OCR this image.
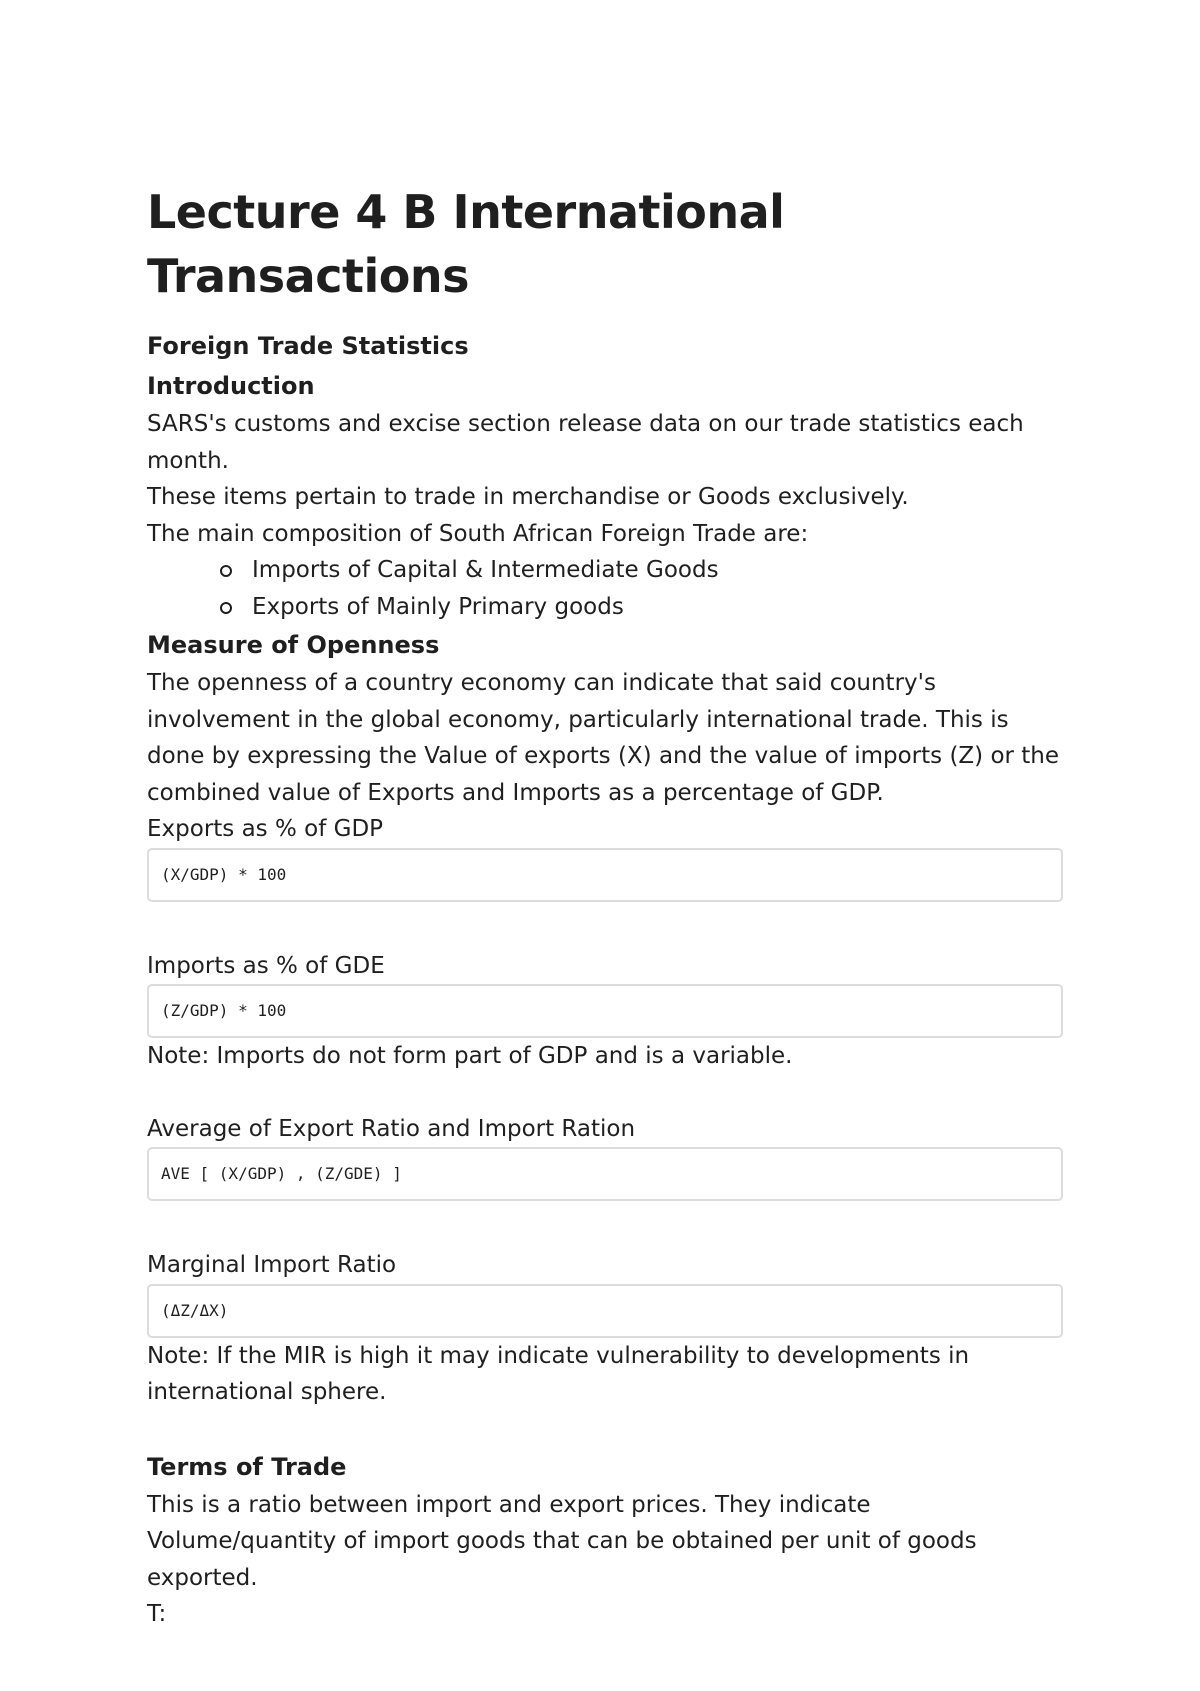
Lecture 4 B International Transactions
Foreign Trade Statistics
Introduction

SARS's customs and excise section release data on our trade statistics each month.

These items pertain to trade in merchandise or Goods exclusively.

The main composition of South African Foreign Trade are:

Imports of Capital & Intermediate Goods
Exports of Mainly Primary goods
Measure of Openness

The openness of a country economy can indicate that said country's involvement in the global economy, particularly international trade. This is done by expressing the Value of exports (X) and the value of imports (Z) or the combined value of Exports and Imports as a percentage of GDP.

Exports as % of GDP

(X/GDP) * 100

Imports as % of GDE

(Z/GDP) * 100

Note: Imports do not form part of GDP and is a variable.

Average of Export Ratio and Import Ration

AVE [ (X/GDP) , (Z/GDE) ]

Marginal Import Ratio

(ΔZ/ΔX)

Note: If the MIR is high it may indicate vulnerability to developments in international sphere.

Terms of Trade

This is a ratio between import and export prices. They indicate Volume/quantity of import goods that can be obtained per unit of goods exported.

T:
